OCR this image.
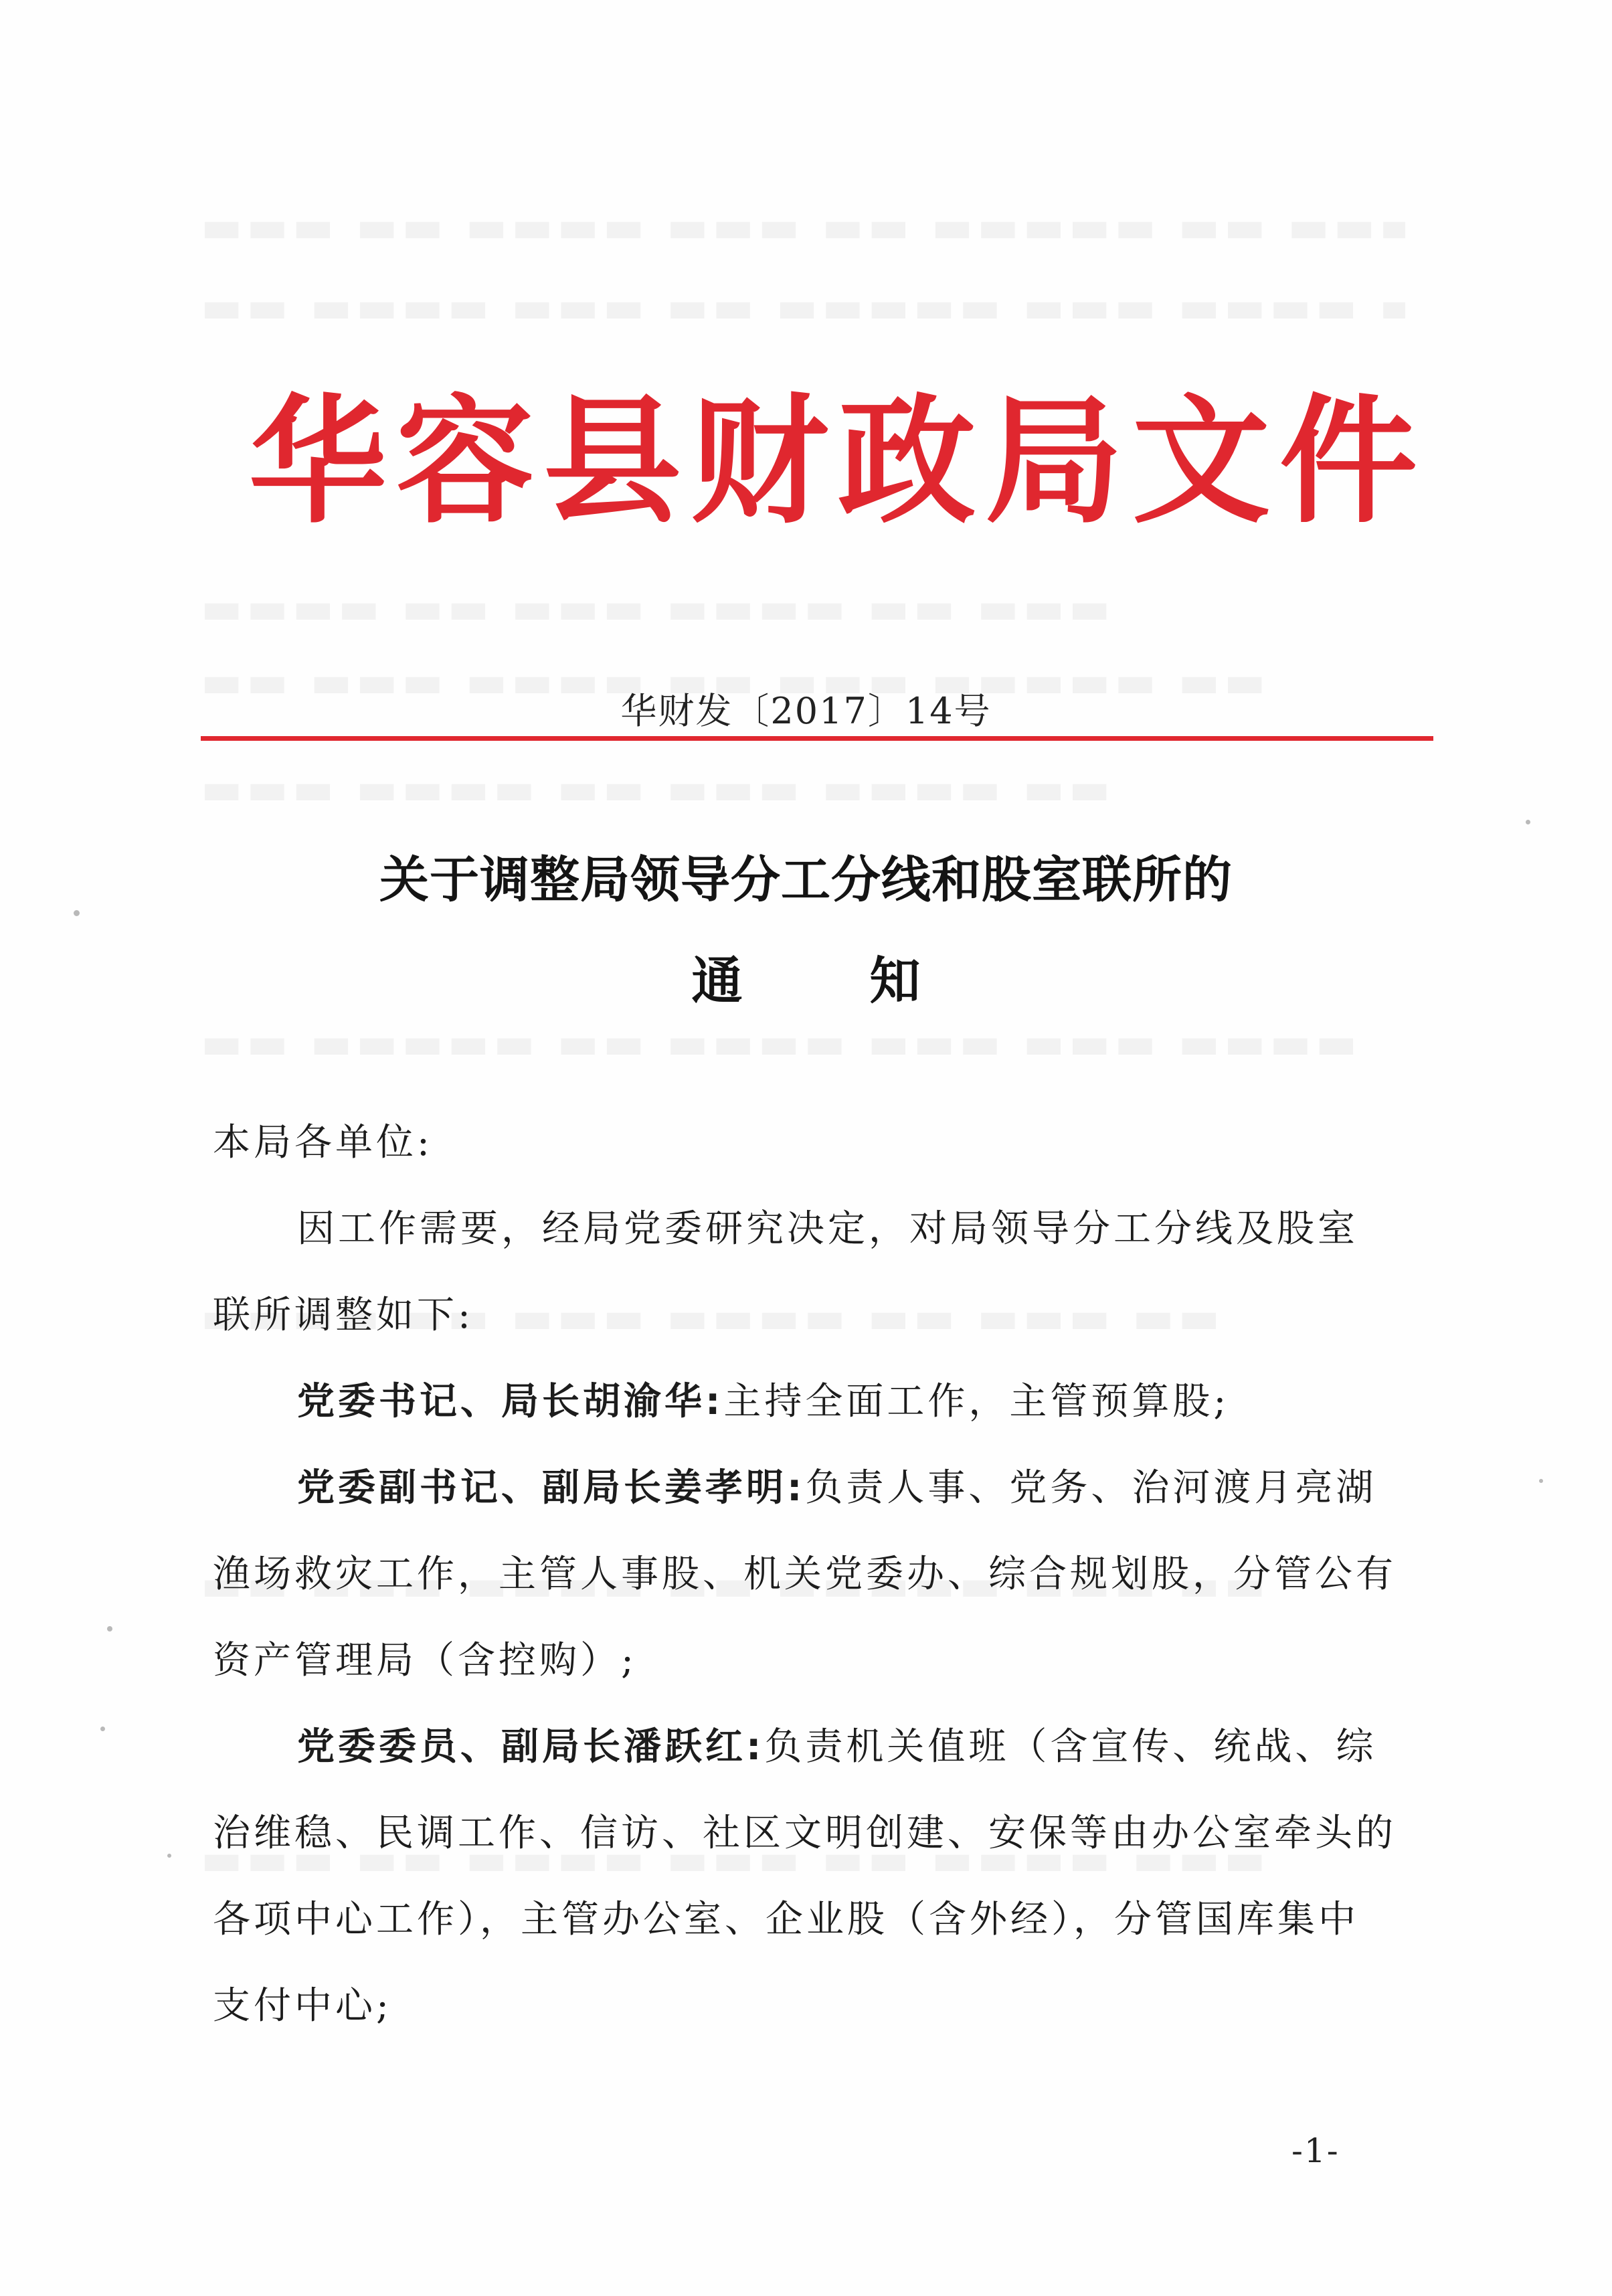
华容县财政局文件
华财发〔2017〕14号
关于调整局领导分工分线和股室联所的
通知

本局各单位:

因工作需要，经局党委研究决定，对局领导分工分线及股室联所调整如下:

党委书记、局长胡渝华:主持全面工作，主管预算股;

党委副书记、副局长姜孝明:负责人事、党务、治河渡月亮湖渔场救灾工作，主管人事股、机关党委办、综合规划股，分管公有资产管理局（含控购）;

党委委员、副局长潘跃红:负责机关值班（含宣传、统战、综治维稳、民调工作、信访、社区文明创建、安保等由办公室牵头的各项中心工作），主管办公室、企业股（含外经），分管国库集中支付中心;

-1-
